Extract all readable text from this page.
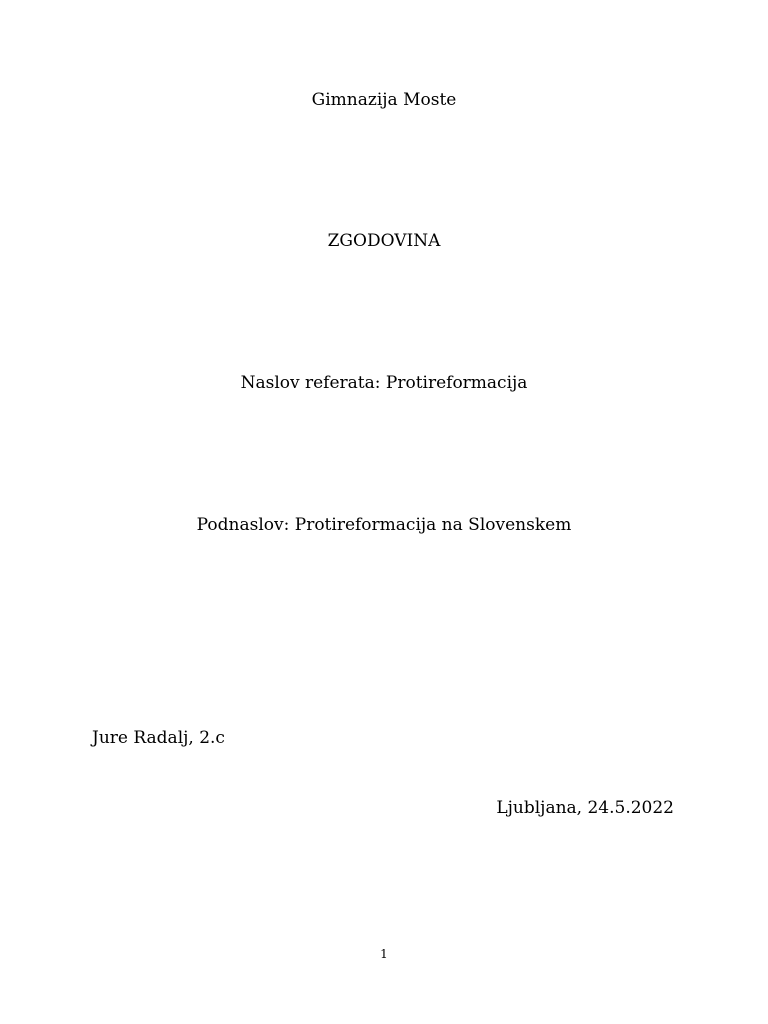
Gimnazija Moste
ZGODOVINA
Naslov referata: Protireformacija
Podnaslov: Protireformacija na Slovenskem
Jure Radalj, 2.c
Ljubljana, 24.5.2022
1
